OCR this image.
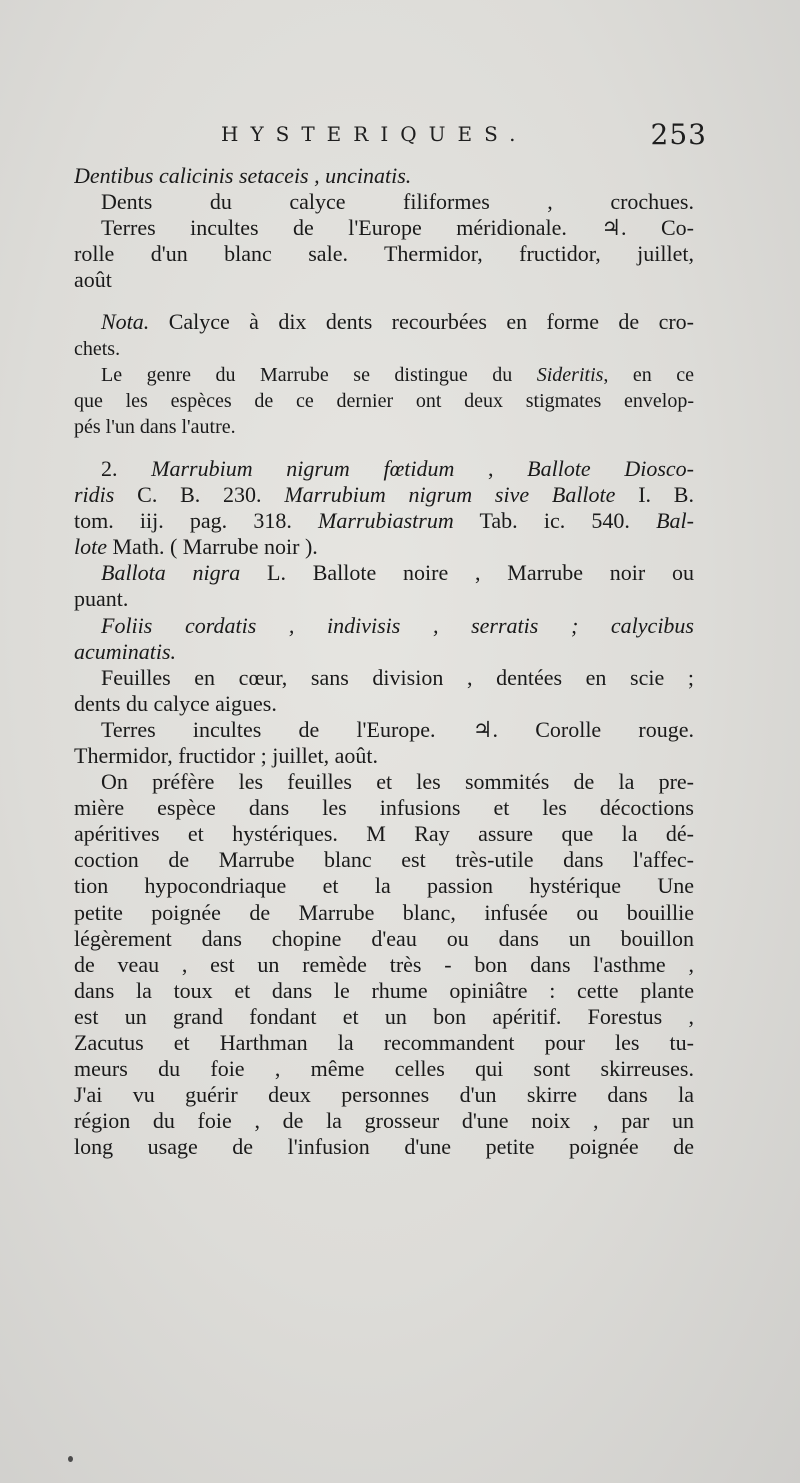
HYSTERIQUES.	253
Dentibus calicinis setaceis , uncinatis.
Dents du calyce filiformes , crochues.
Terres incultes de l'Europe méridionale. ♃. Co-
rolle d'un blanc sale. Thermidor, fructidor, juillet,
août
Nota. Calyce à dix dents recourbées en forme de cro-
chets.
Le genre du Marrube se distingue du Sideritis, en ce
que les espèces de ce dernier ont deux stigmates envelop-
pés l'un dans l'autre.
2. Marrubium nigrum fœtidum , Ballote Diosco-
ridis C. B. 230. Marrubium nigrum sive Ballote I. B.
tom. iij. pag. 318. Marrubiastrum Tab. ic. 540. Bal-
lote Math. ( Marrube noir ).
Ballota nigra L. Ballote noire , Marrube noir ou
puant.
Foliis cordatis , indivisis , serratis ; calycibus
acuminatis.
Feuilles en cœur, sans division , dentées en scie ;
dents du calyce aigues.
Terres incultes de l'Europe. ♃. Corolle rouge.
Thermidor, fructidor ; juillet, août.
On préfère les feuilles et les sommités de la pre-
mière espèce dans les infusions et les décoctions
apéritives et hystériques. M Ray assure que la dé-
coction de Marrube blanc est très-utile dans l'affec-
tion hypocondriaque et la passion hystérique Une
petite poignée de Marrube blanc, infusée ou bouillie
légèrement dans chopine d'eau ou dans un bouillon
de veau , est un remède très - bon dans l'asthme ,
dans la toux et dans le rhume opiniâtre : cette plante
est un grand fondant et un bon apéritif. Forestus ,
Zacutus et Harthman la recommandent pour les tu-
meurs du foie , même celles qui sont skirreuses.
J'ai vu guérir deux personnes d'un skirre dans la
région du foie , de la grosseur d'une noix , par un
long usage de l'infusion d'une petite poignée de
